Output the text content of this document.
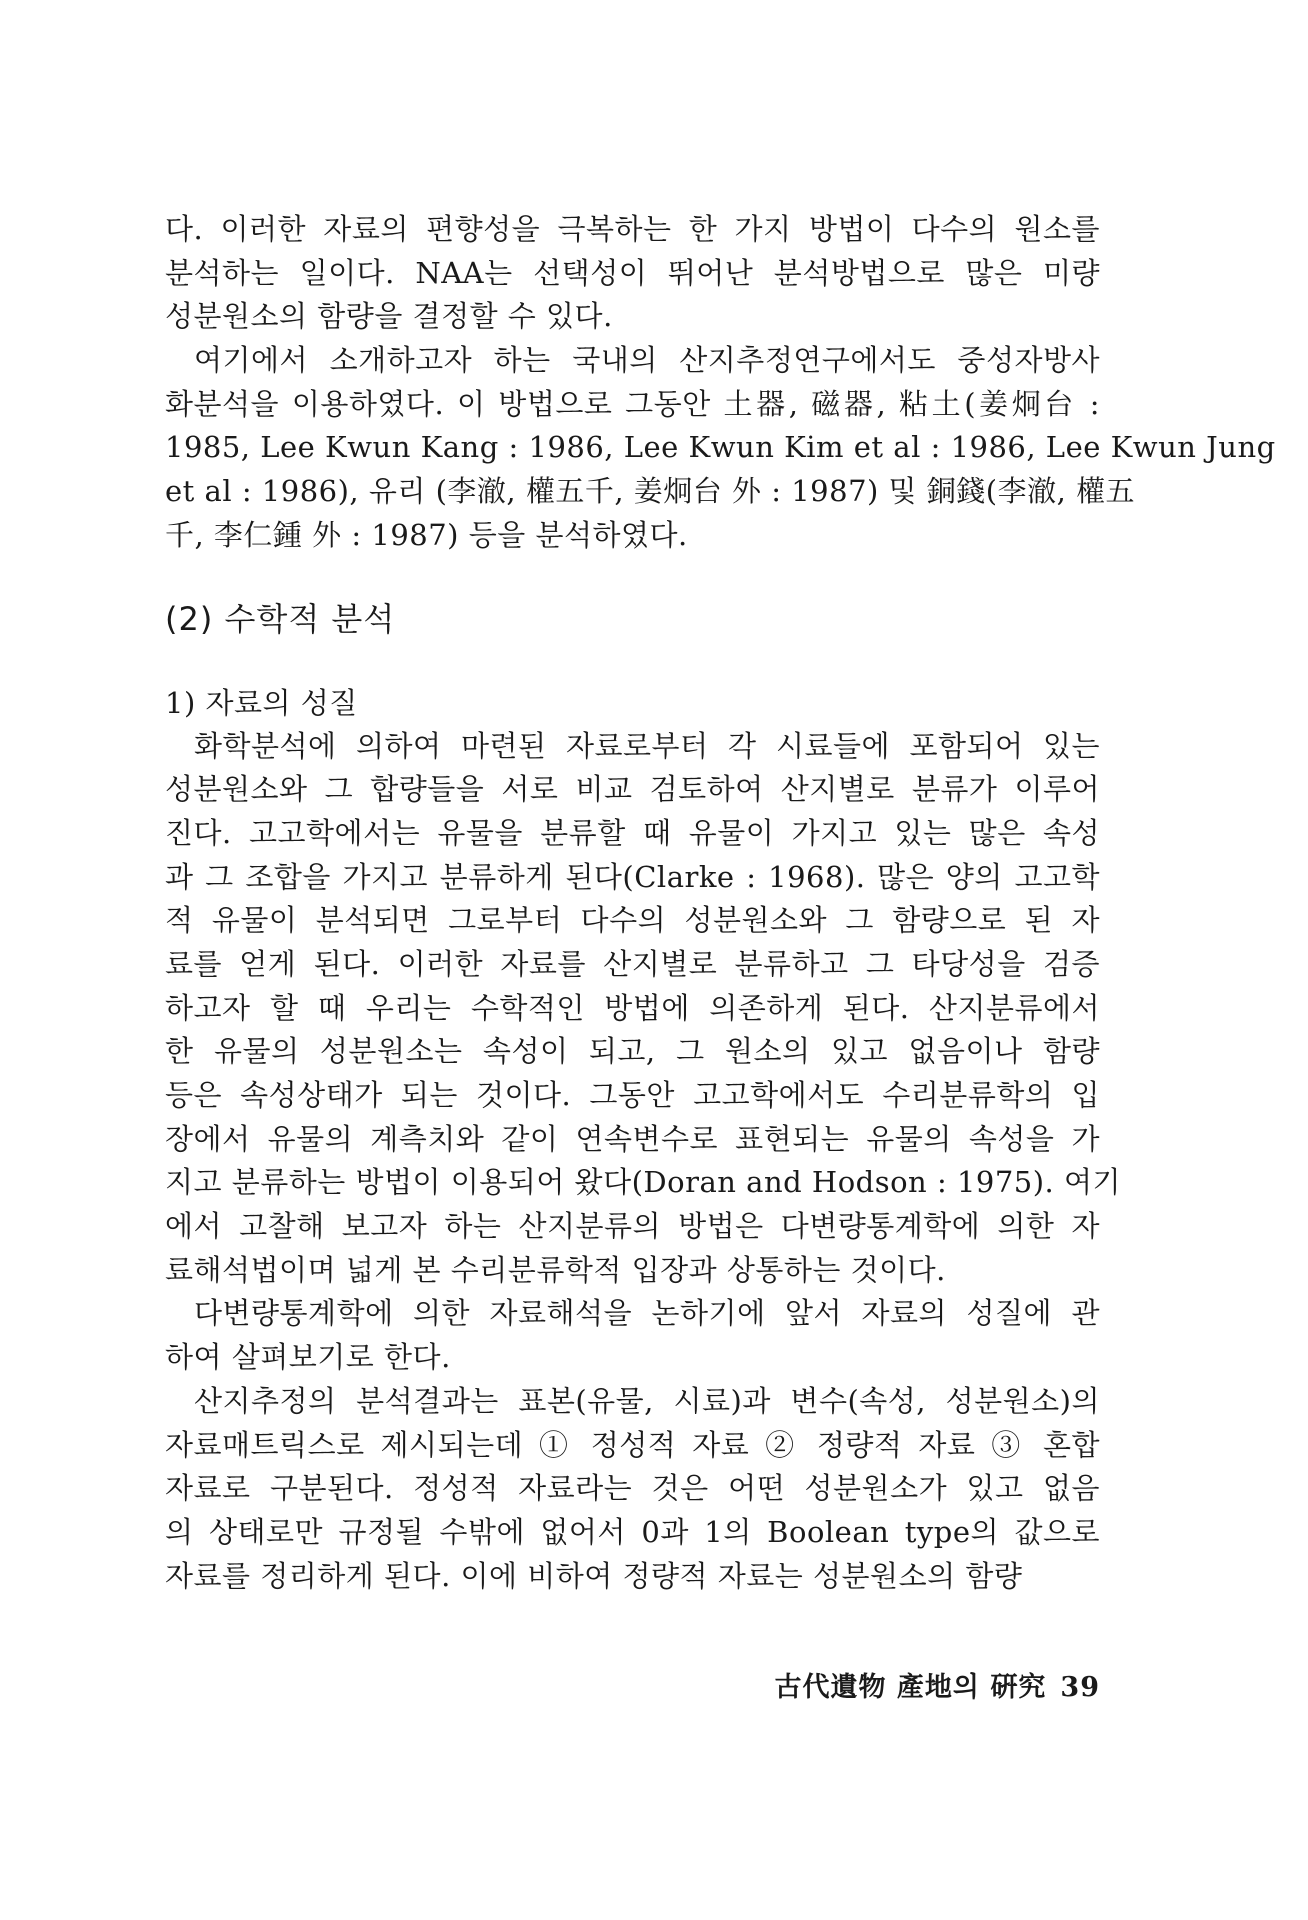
다. 이러한 자료의 편향성을 극복하는 한 가지 방법이 다수의 원소를
분석하는 일이다. NAA는 선택성이 뛰어난 분석방법으로 많은 미량
성분원소의 함량을 결정할 수 있다.
여기에서 소개하고자 하는 국내의 산지추정연구에서도 중성자방사
화분석을 이용하였다. 이 방법으로 그동안 土器, 磁器, 粘土(姜炯台 :
1985, Lee Kwun Kang : 1986, Lee Kwun Kim et al : 1986, Lee Kwun Jung
et al : 1986), 유리 (李澈, 權五千, 姜炯台 外 : 1987) 및 銅錢(李澈, 權五
千, 李仁鍾 外 : 1987) 등을 분석하였다.
(2) 수학적 분석
1) 자료의 성질
화학분석에 의하여 마련된 자료로부터 각 시료들에 포함되어 있는
성분원소와 그 합량들을 서로 비교 검토하여 산지별로 분류가 이루어
진다. 고고학에서는 유물을 분류할 때 유물이 가지고 있는 많은 속성
과 그 조합을 가지고 분류하게 된다(Clarke : 1968). 많은 양의 고고학
적 유물이 분석되면 그로부터 다수의 성분원소와 그 함량으로 된 자
료를 얻게 된다. 이러한 자료를 산지별로 분류하고 그 타당성을 검증
하고자 할 때 우리는 수학적인 방법에 의존하게 된다. 산지분류에서
한 유물의 성분원소는 속성이 되고, 그 원소의 있고 없음이나 함량
등은 속성상태가 되는 것이다. 그동안 고고학에서도 수리분류학의 입
장에서 유물의 계측치와 같이 연속변수로 표현되는 유물의 속성을 가
지고 분류하는 방법이 이용되어 왔다(Doran and Hodson : 1975). 여기
에서 고찰해 보고자 하는 산지분류의 방법은 다변량통계학에 의한 자
료해석법이며 넓게 본 수리분류학적 입장과 상통하는 것이다.
다변량통계학에 의한 자료해석을 논하기에 앞서 자료의 성질에 관
하여 살펴보기로 한다.
산지추정의 분석결과는 표본(유물, 시료)과 변수(속성, 성분원소)의
자료매트릭스로 제시되는데 ① 정성적 자료 ② 정량적 자료 ③ 혼합
자료로 구분된다. 정성적 자료라는 것은 어떤 성분원소가 있고 없음
의 상태로만 규정될 수밖에 없어서 0과 1의 Boolean type의 값으로
자료를 정리하게 된다. 이에 비하여 정량적 자료는 성분원소의 함량
古代遺物 產地의 硏究 39
